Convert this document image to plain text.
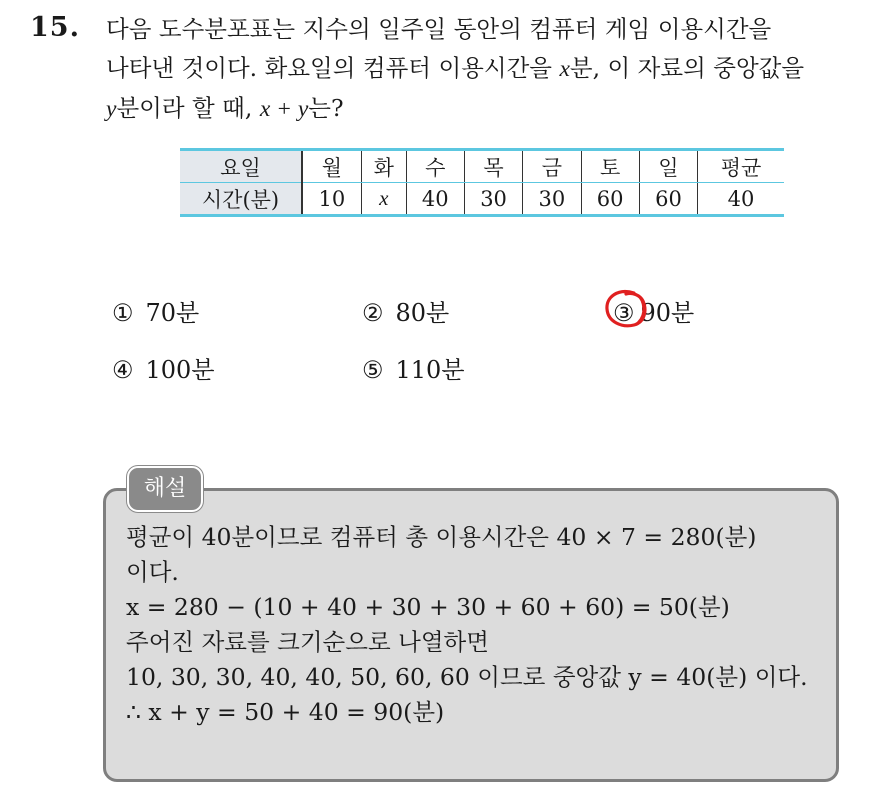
15. 다음 도수분포표는 지수의 일주일 동안의 컴퓨터 게임 이용시간을
나타낸 것이다. 화요일의 컴퓨터 이용시간을 x분, 이 자료의 중앙값을
y분이라 할 때, x + y는?
요일	월	화	수	목	금	토	일	평균
시간(분)	10	x	40	30	30	60	60	40
① 70분	② 80분	③ 90분
④ 100분	⑤ 110분
해설
평균이 40분이므로 컴퓨터 총 이용시간은 40 × 7 = 280(분)
이다.
x = 280 − (10 + 40 + 30 + 30 + 60 + 60) = 50(분)
주어진 자료를 크기순으로 나열하면
10, 30, 30, 40, 40, 50, 60, 60 이므로 중앙값 y = 40(분) 이다.
∴ x + y = 50 + 40 = 90(분)
